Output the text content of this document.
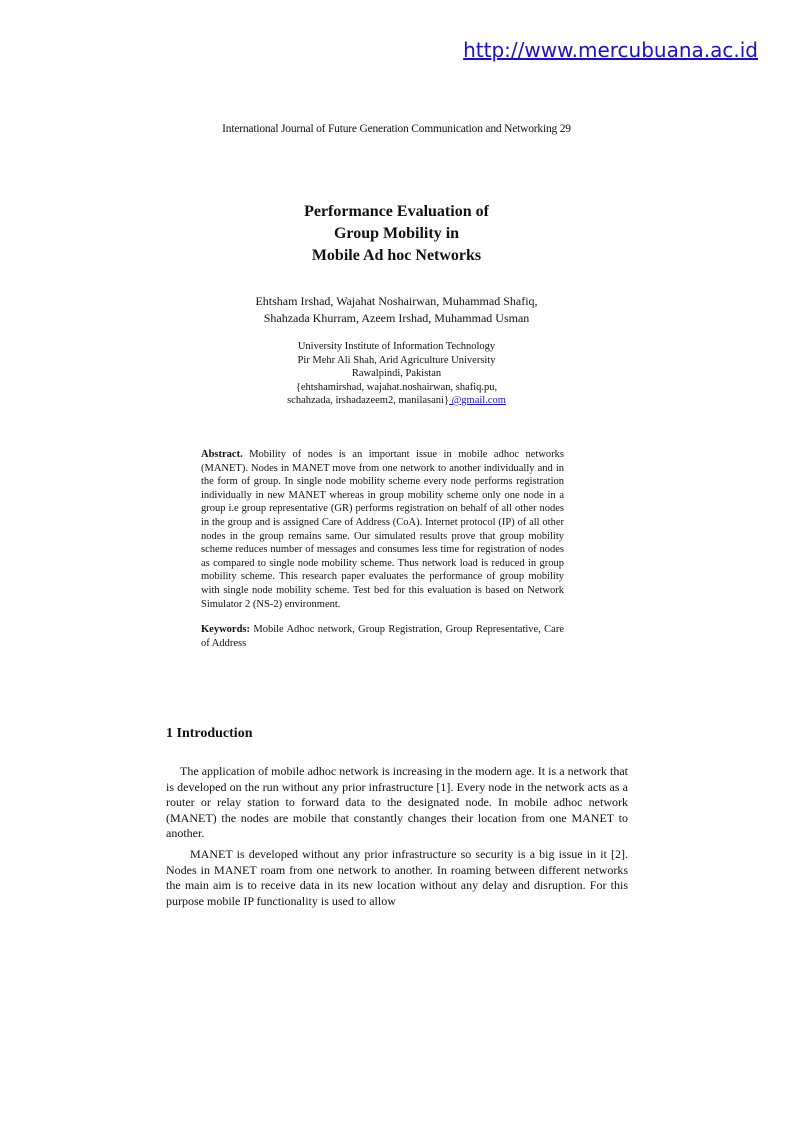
http://www.mercubuana.ac.id
International Journal of Future Generation Communication and Networking 29
Performance Evaluation of
Group Mobility in
Mobile Ad hoc Networks
Ehtsham Irshad, Wajahat Noshairwan, Muhammad Shafiq,
Shahzada Khurram, Azeem Irshad, Muhammad Usman
University Institute of Information Technology
Pir Mehr Ali Shah, Arid Agriculture University
Rawalpindi, Pakistan
{ehtshamirshad, wajahat.noshairwan, shafiq.pu,
schahzada, irshadazeem2, manilasani} @gmail.com

Abstract. Mobility of nodes is an important issue in mobile adhoc networks (MANET). Nodes in MANET move from one network to another individually and in the form of group. In single node mobility scheme every node performs registration individually in new MANET whereas in group mobility scheme only one node in a group i.e group representative (GR) performs registration on behalf of all other nodes in the group and is assigned Care of Address (CoA). Internet protocol (IP) of all other nodes in the group remains same. Our simulated results prove that group mobility scheme reduces number of messages and consumes less time for registration of nodes as compared to single node mobility scheme. Thus network load is reduced in group mobility scheme. This research paper evaluates the performance of group mobility with single node mobility scheme. Test bed for this evaluation is based on Network Simulator 2 (NS-2) environment.

Keywords: Mobile Adhoc network, Group Registration, Group Representative, Care of Address

1 Introduction

The application of mobile adhoc network is increasing in the modern age. It is a network that is developed on the run without any prior infrastructure [1]. Every node in the network acts as a router or relay station to forward data to the designated node. In mobile adhoc network (MANET) the nodes are mobile that constantly changes their location from one MANET to another.

MANET is developed without any prior infrastructure so security is a big issue in it [2]. Nodes in MANET roam from one network to another. In roaming between different networks the main aim is to receive data in its new location without any delay and disruption. For this purpose mobile IP functionality is used to allow
